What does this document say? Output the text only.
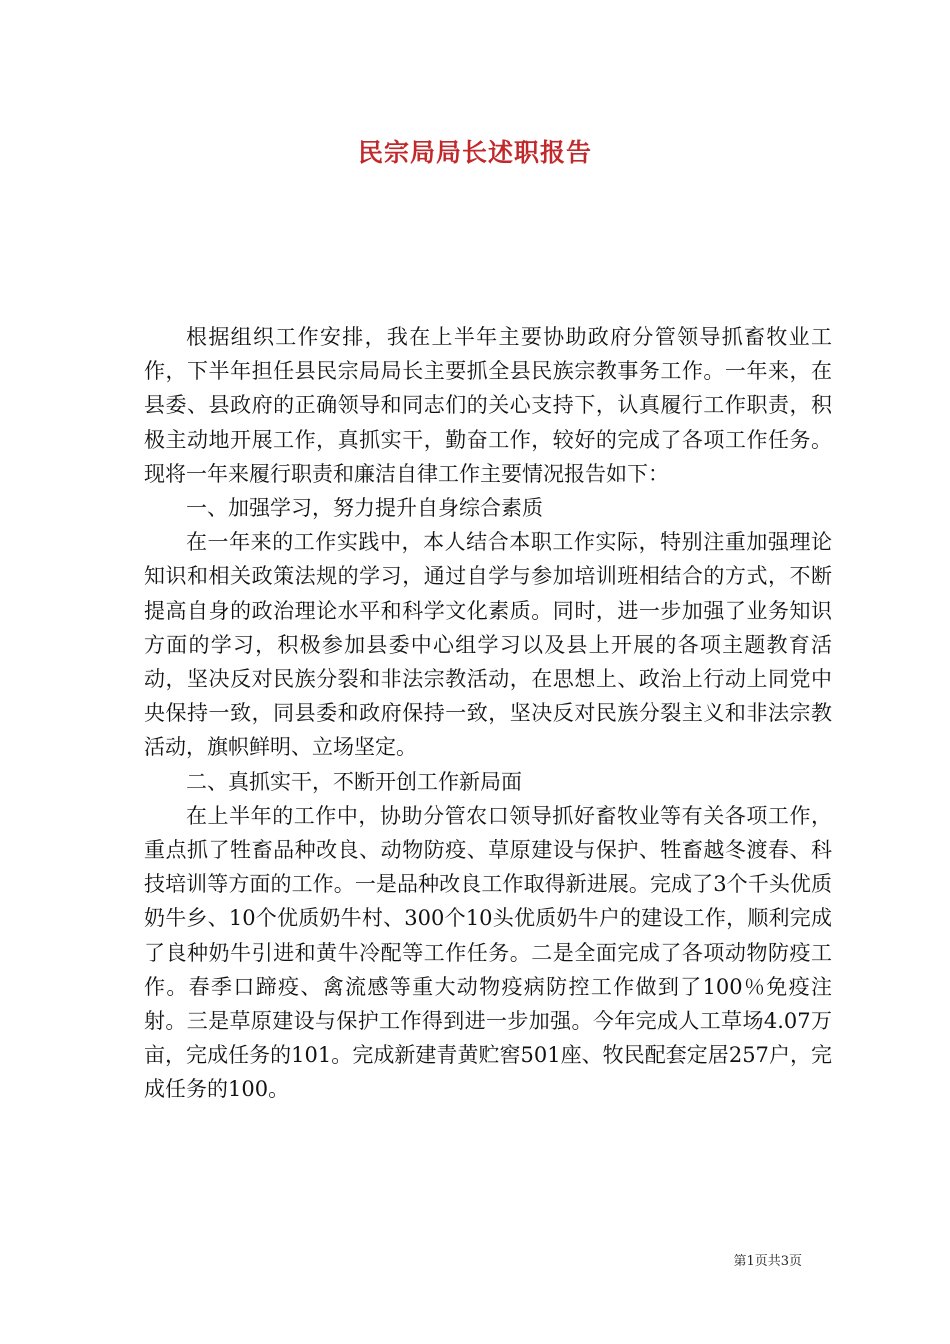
民宗局局长述职报告

根据组织工作安排，我在上半年主要协助政府分管领导抓畜牧业工作，下半年担任县民宗局局长主要抓全县民族宗教事务工作。一年来，在县委、县政府的正确领导和同志们的关心支持下，认真履行工作职责，积极主动地开展工作，真抓实干，勤奋工作，较好的完成了各项工作任务。现将一年来履行职责和廉洁自律工作主要情况报告如下：

一、加强学习，努力提升自身综合素质

在一年来的工作实践中，本人结合本职工作实际，特别注重加强理论知识和相关政策法规的学习，通过自学与参加培训班相结合的方式，不断提高自身的政治理论水平和科学文化素质。同时，进一步加强了业务知识方面的学习，积极参加县委中心组学习以及县上开展的各项主题教育活动，坚决反对民族分裂和非法宗教活动，在思想上、政治上行动上同党中央保持一致，同县委和政府保持一致，坚决反对民族分裂主义和非法宗教活动，旗帜鲜明、立场坚定。

二、真抓实干，不断开创工作新局面

在上半年的工作中，协助分管农口领导抓好畜牧业等有关各项工作，重点抓了牲畜品种改良、动物防疫、草原建设与保护、牲畜越冬渡春、科技培训等方面的工作。一是品种改良工作取得新进展。完成了3个千头优质奶牛乡、10个优质奶牛村、300个10头优质奶牛户的建设工作，顺利完成了良种奶牛引进和黄牛冷配等工作任务。二是全面完成了各项动物防疫工作。春季口蹄疫、禽流感等重大动物疫病防控工作做到了100％免疫注射。三是草原建设与保护工作得到进一步加强。今年完成人工草场4.07万亩，完成任务的101。完成新建青黄贮窖501座、牧民配套定居257户，完成任务的100。

第1页共3页
